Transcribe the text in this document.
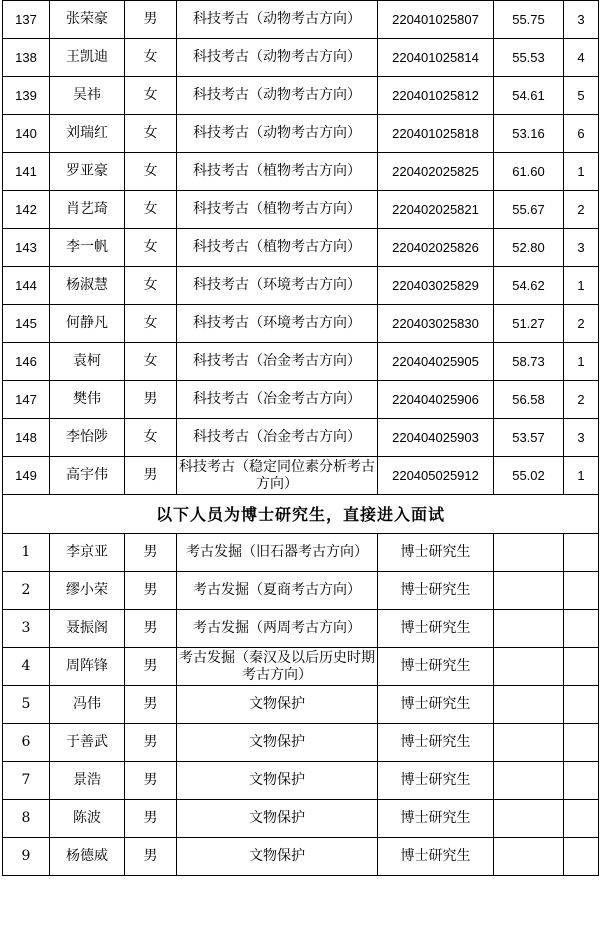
137	张荣豪	男	科技考古（动物考古方向）	220401025807	55.75	3
138	王凯迪	女	科技考古（动物考古方向）	220401025814	55.53	4
139	吴祎	女	科技考古（动物考古方向）	220401025812	54.61	5
140	刘瑞红	女	科技考古（动物考古方向）	220401025818	53.16	6
141	罗亚豪	女	科技考古（植物考古方向）	220402025825	61.60	1
142	肖艺琦	女	科技考古（植物考古方向）	220402025821	55.67	2
143	李一帆	女	科技考古（植物考古方向）	220402025826	52.80	3
144	杨淑慧	女	科技考古（环境考古方向）	220403025829	54.62	1
145	何静凡	女	科技考古（环境考古方向）	220403025830	51.27	2
146	袁柯	女	科技考古（冶金考古方向）	220404025905	58.73	1
147	樊伟	男	科技考古（冶金考古方向）	220404025906	56.58	2
148	李怡陟	女	科技考古（冶金考古方向）	220404025903	53.57	3
149	高宇伟	男	科技考古（稳定同位素分析考古方向）	220405025912	55.02	1
以下人员为博士研究生，直接进入面试						
1	李京亚	男	考古发掘（旧石器考古方向）	博士研究生		
2	缪小荣	男	考古发掘（夏商考古方向）	博士研究生		
3	聂振阁	男	考古发掘（两周考古方向）	博士研究生		
4	周阵锋	男	考古发掘（秦汉及以后历史时期考古方向）	博士研究生		
5	冯伟	男	文物保护	博士研究生		
6	于善武	男	文物保护	博士研究生		
7	景浩	男	文物保护	博士研究生		
8	陈波	男	文物保护	博士研究生		
9	杨德威	男	文物保护	博士研究生		
